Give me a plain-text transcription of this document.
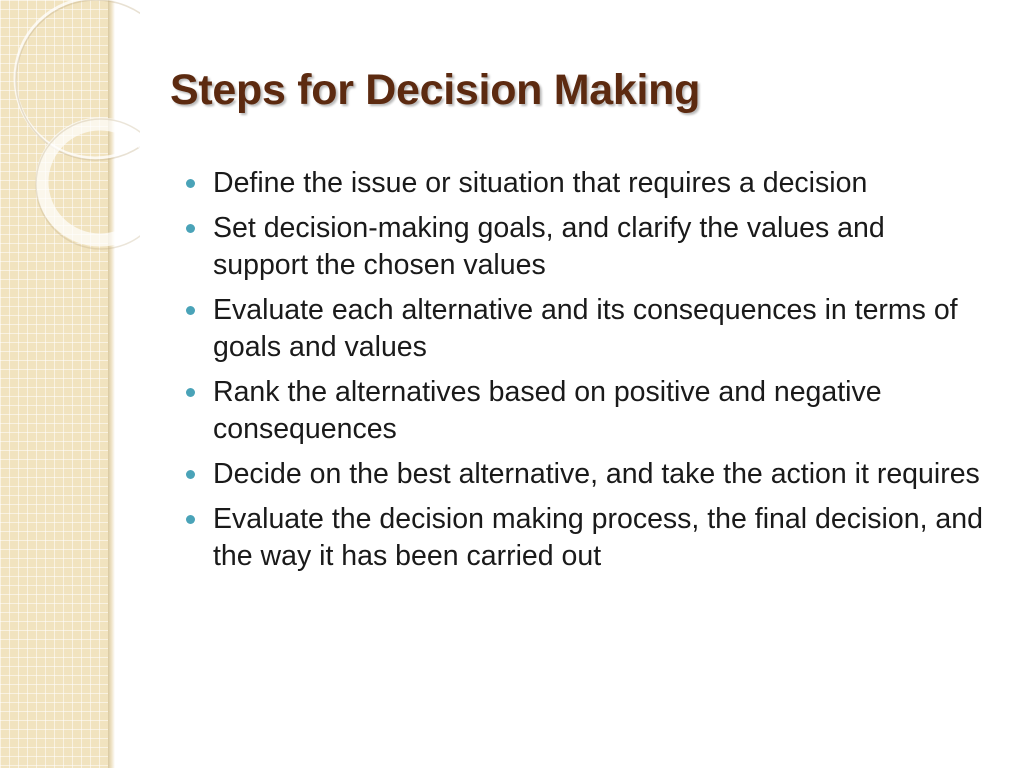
Steps for Decision Making
Define the issue or situation that requires a decision
Set decision-making goals, and clarify the values and support the chosen values
Evaluate each alternative and its consequences in terms of goals and values
Rank the alternatives based on positive and negative consequences
Decide on the best alternative, and take the action it requires
Evaluate the decision making process, the final decision, and the way it has been carried out
